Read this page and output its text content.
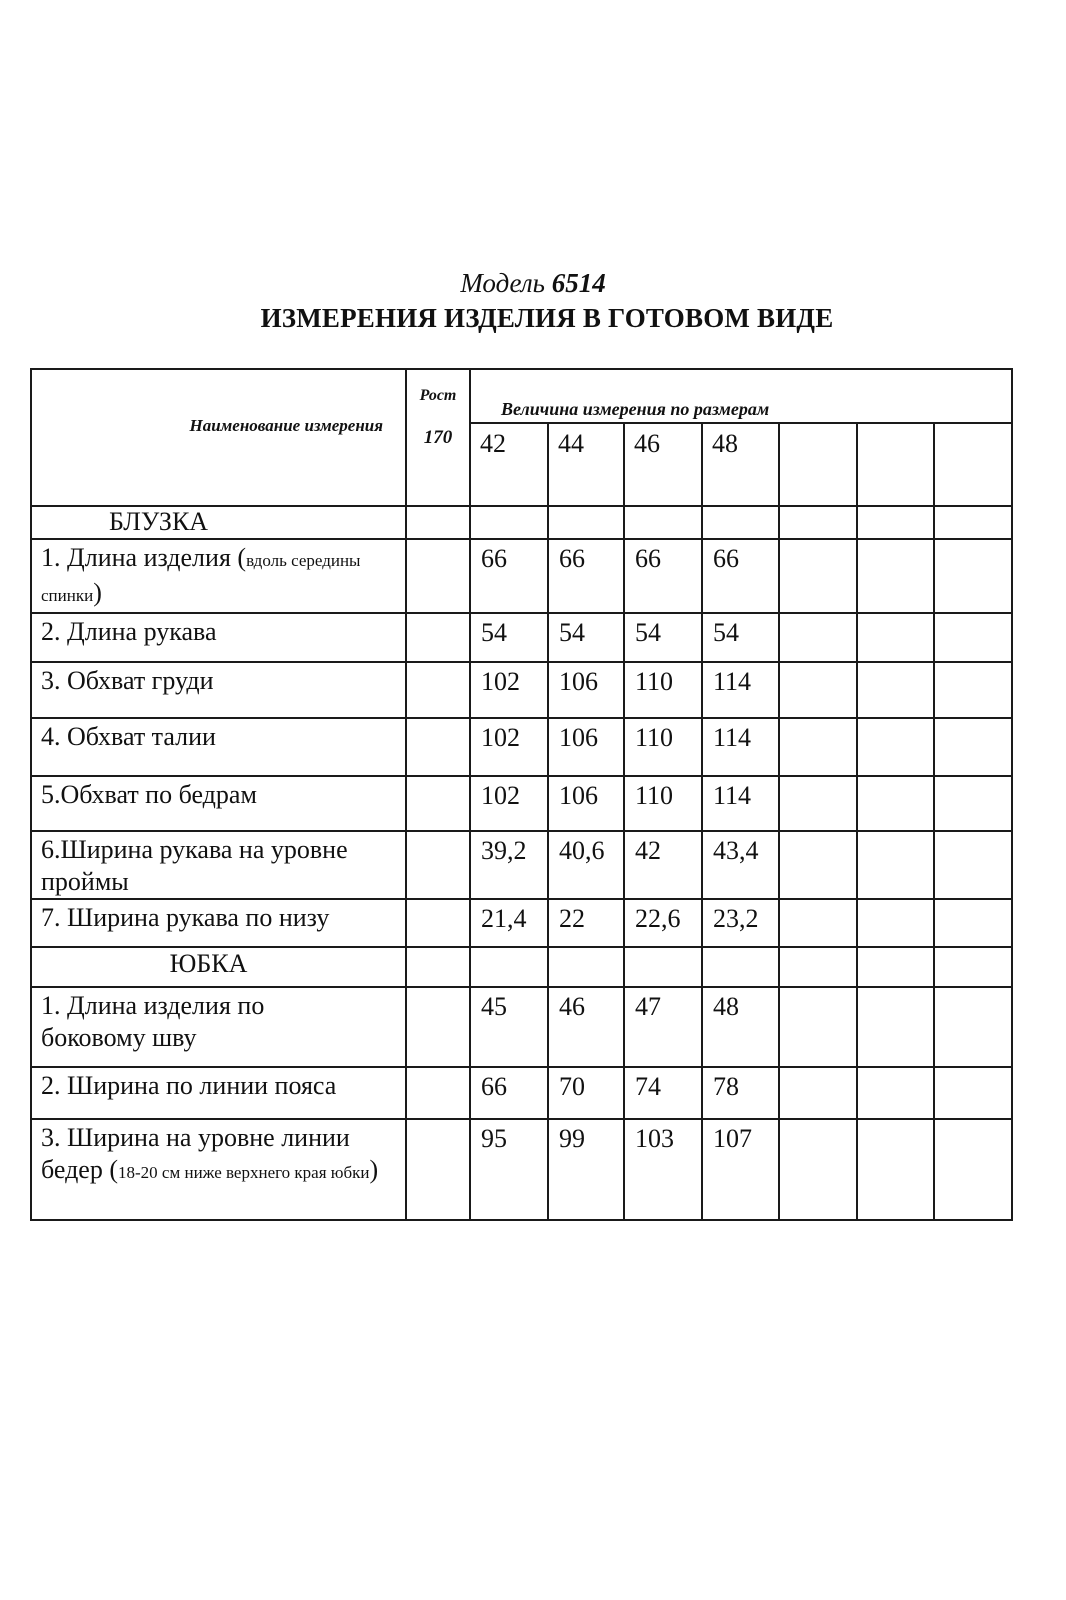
Модель 6514
ИЗМЕРЕНИЯ ИЗДЕЛИЯ В ГОТОВОМ ВИДЕ
Наименование измерения	Рост
170	Величина измерения по размерам						
		42	44	46	48			
БЛУЗКА								
1. Длина изделия (вдоль середины спинки)		66	66	66	66			
2. Длина рукава		54	54	54	54			
3. Обхват груди		102	106	110	114			
4. Обхват талии		102	106	110	114			
5.Обхват по бедрам		102	106	110	114			
6.Ширина рукава на уровне проймы		39,2	40,6	42	43,4			
7. Ширина рукава по низу		21,4	22	22,6	23,2			
ЮБКА								
1. Длина изделия по боковому шву		45	46	47	48			
2. Ширина по линии пояса		66	70	74	78			
3. Ширина на уровне линии бедер (18-20 см ниже верхнего края юбки)		95	99	103	107			
